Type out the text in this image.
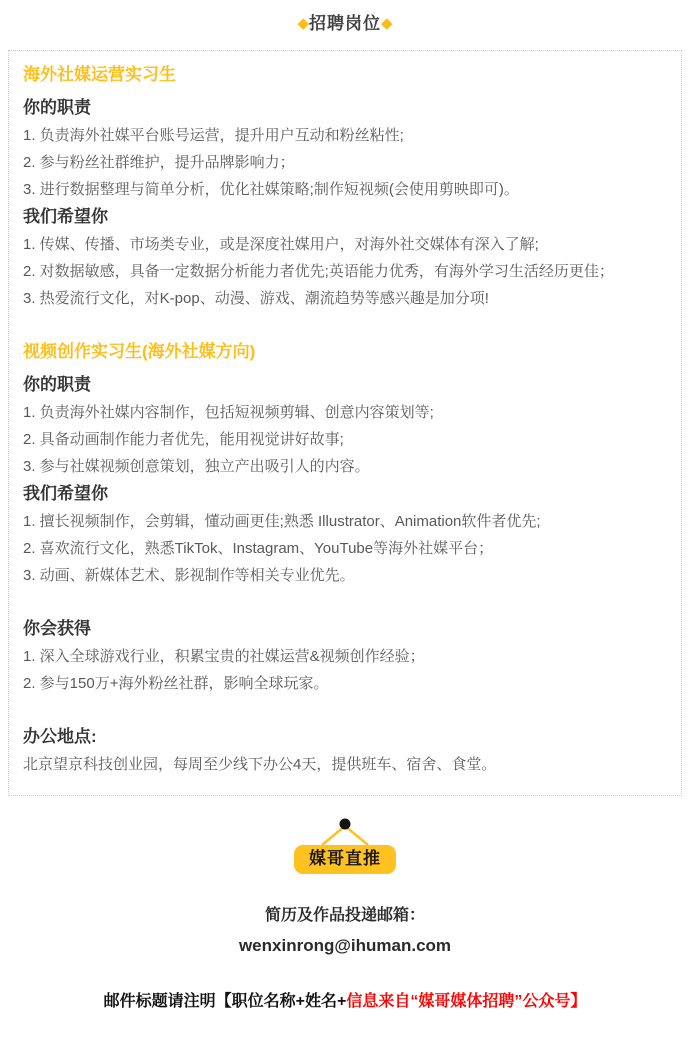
◆招聘岗位◆
海外社媒运营实习生
你的职责

1. 负责海外社媒平台账号运营，提升用户互动和粉丝粘性;

2. 参与粉丝社群维护，提升品牌影响力；

3. 进行数据整理与简单分析，优化社媒策略;制作短视频(会使用剪映即可)。

我们希望你

1. 传媒、传播、市场类专业，或是深度社媒用户，对海外社交媒体有深入了解;

2. 对数据敏感，具备一定数据分析能力者优先;英语能力优秀，有海外学习生活经历更佳；

3. 热爱流行文化，对K-pop、动漫、游戏、潮流趋势等感兴趣是加分项!

视频创作实习生(海外社媒方向)
你的职责

1. 负责海外社媒内容制作，包括短视频剪辑、创意内容策划等;

2. 具备动画制作能力者优先，能用视觉讲好故事;

3. 参与社媒视频创意策划，独立产出吸引人的内容。

我们希望你

1. 擅长视频制作，会剪辑，懂动画更佳;熟悉 Illustrator、Animation软件者优先;

2. 喜欢流行文化，熟悉TikTok、Instagram、YouTube等海外社媒平台；

3. 动画、新媒体艺术、影视制作等相关专业优先。

你会获得

1. 深入全球游戏行业，积累宝贵的社媒运营&视频创作经验；

2. 参与150万+海外粉丝社群，影响全球玩家。

办公地点:

北京望京科技创业园，每周至少线下办公4天，提供班车、宿舍、食堂。

媒哥直推

简历及作品投递邮箱：

wenxinrong@ihuman.com

邮件标题请注明【职位名称+姓名+信息来自“媒哥媒体招聘”公众号】
